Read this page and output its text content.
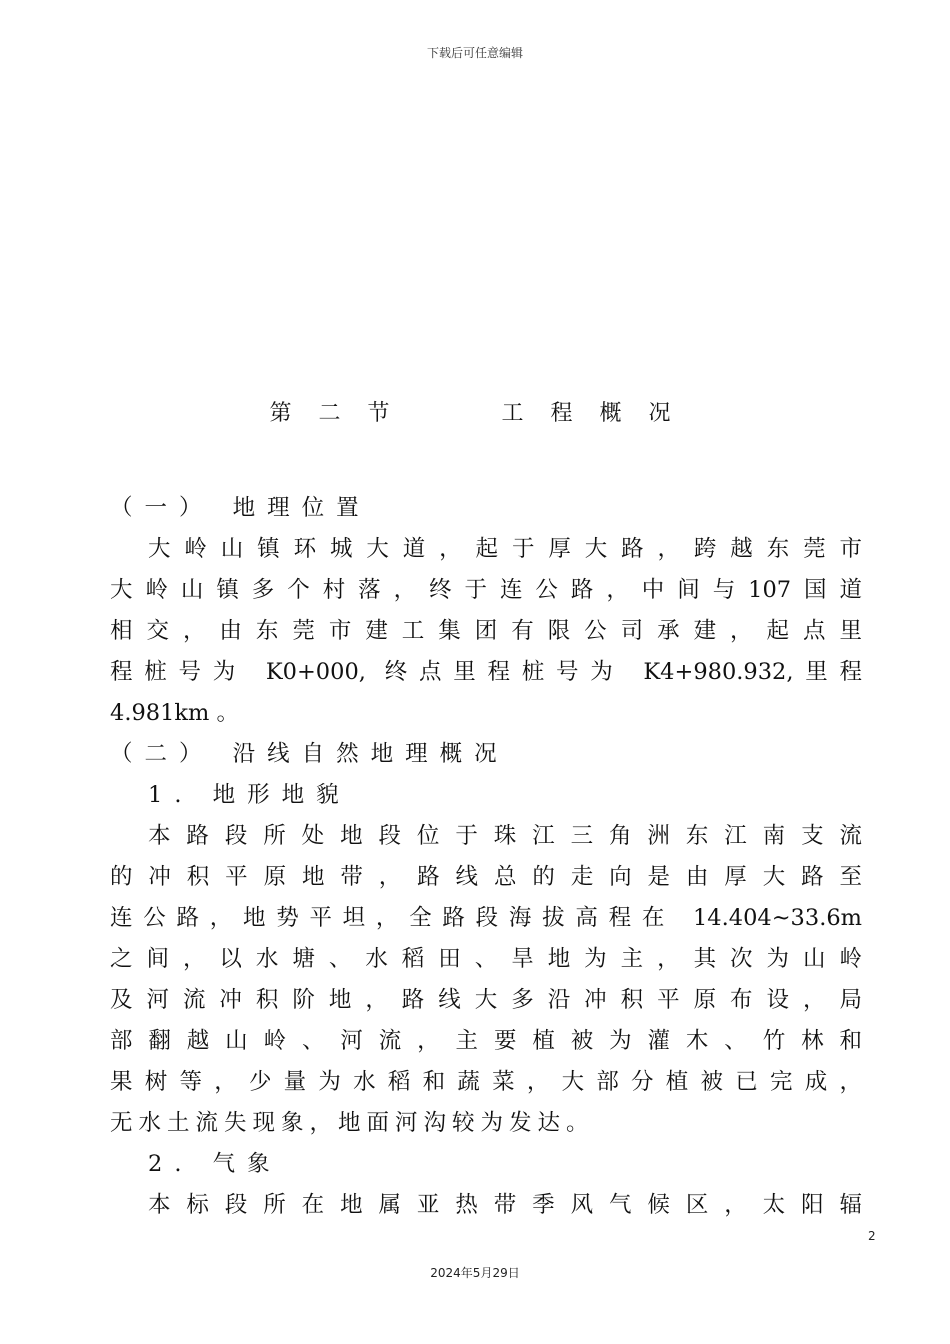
下载后可任意编辑
第 二 节      工 程 概 况
（一） 地理位置
大岭山镇环城大道，起于厚大路，跨越东莞市
大岭山镇多个村落，终于连公路，中间与107国道
相交，由东莞市建工集团有限公司承建，起点里
程桩号为 K0+000, 终点里程桩号为 K4+980.932,里程
4.981km 。
（二） 沿线自然地理概况
1. 地形地貌
本路段所处地段位于珠江三角洲东江南支流
的冲积平原地带，路线总的走向是由厚大路至
连公路，地势平坦，全路段海拔高程在 14.404~33.6m
之间，以水塘、水稻田、旱地为主，其次为山岭
及河流冲积阶地，路线大多沿冲积平原布设，局
部翻越山岭、河流，主要植被为灌木、竹林和
果树等，少量为水稻和蔬菜，大部分植被已完成，
无水土流失现象，地面河沟较为发达。
2. 气象
本标段所在地属亚热带季风气候区，太阳辐
2
2024年5月29日
